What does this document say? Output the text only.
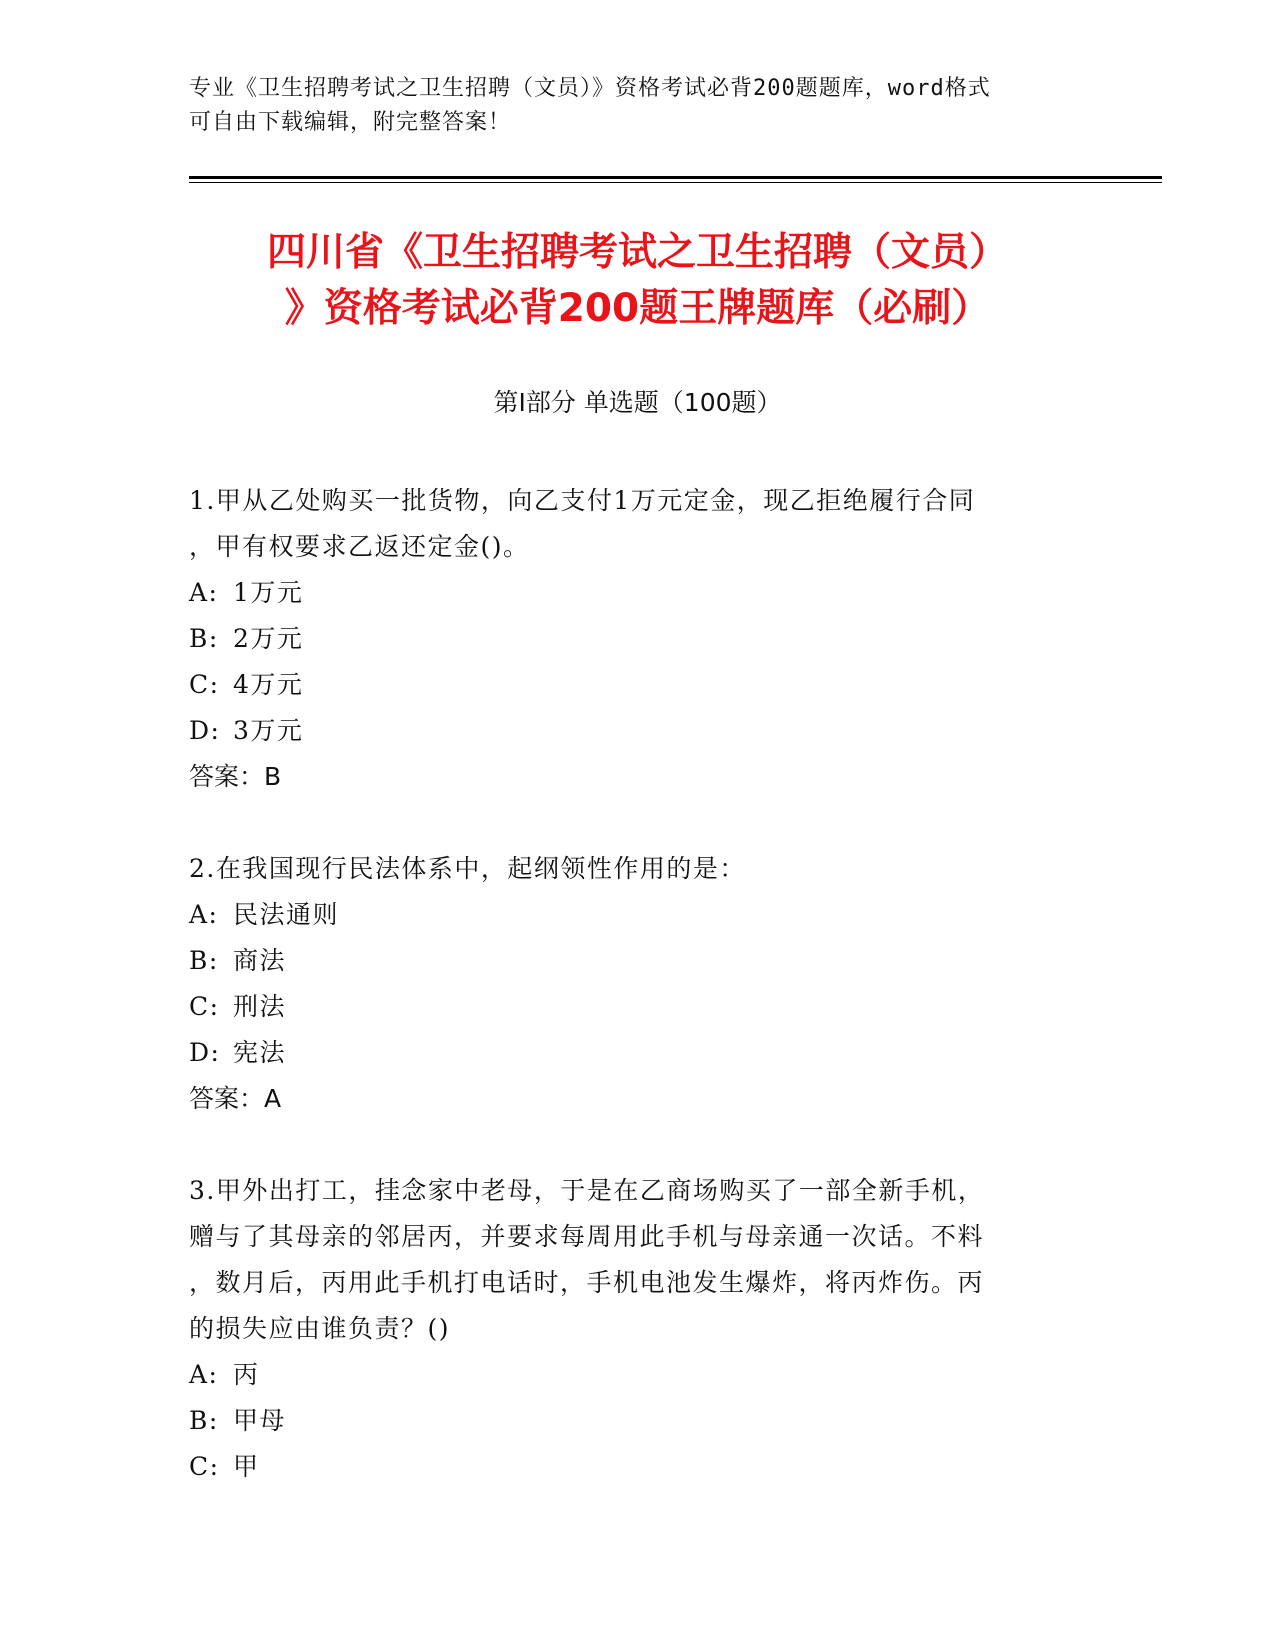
专业《卫生招聘考试之卫生招聘（文员）》资格考试必背200题题库，word格式
可自由下载编辑，附完整答案！
四川省《卫生招聘考试之卫生招聘（文员）
》资格考试必背200题王牌题库（必刷）
第Ⅰ部分 单选题（100题）
1.甲从乙处购买一批货物，向乙支付1万元定金，现乙拒绝履行合同
，甲有权要求乙返还定金()。
A: 1万元
B: 2万元
C: 4万元
D: 3万元
答案：B
2.在我国现行民法体系中，起纲领性作用的是：
A: 民法通则
B: 商法
C: 刑法
D: 宪法
答案：A
3.甲外出打工，挂念家中老母，于是在乙商场购买了一部全新手机，
赠与了其母亲的邻居丙，并要求每周用此手机与母亲通一次话。不料
，数月后，丙用此手机打电话时，手机电池发生爆炸，将丙炸伤。丙
的损失应由谁负责？()
A: 丙
B: 甲母
C: 甲
